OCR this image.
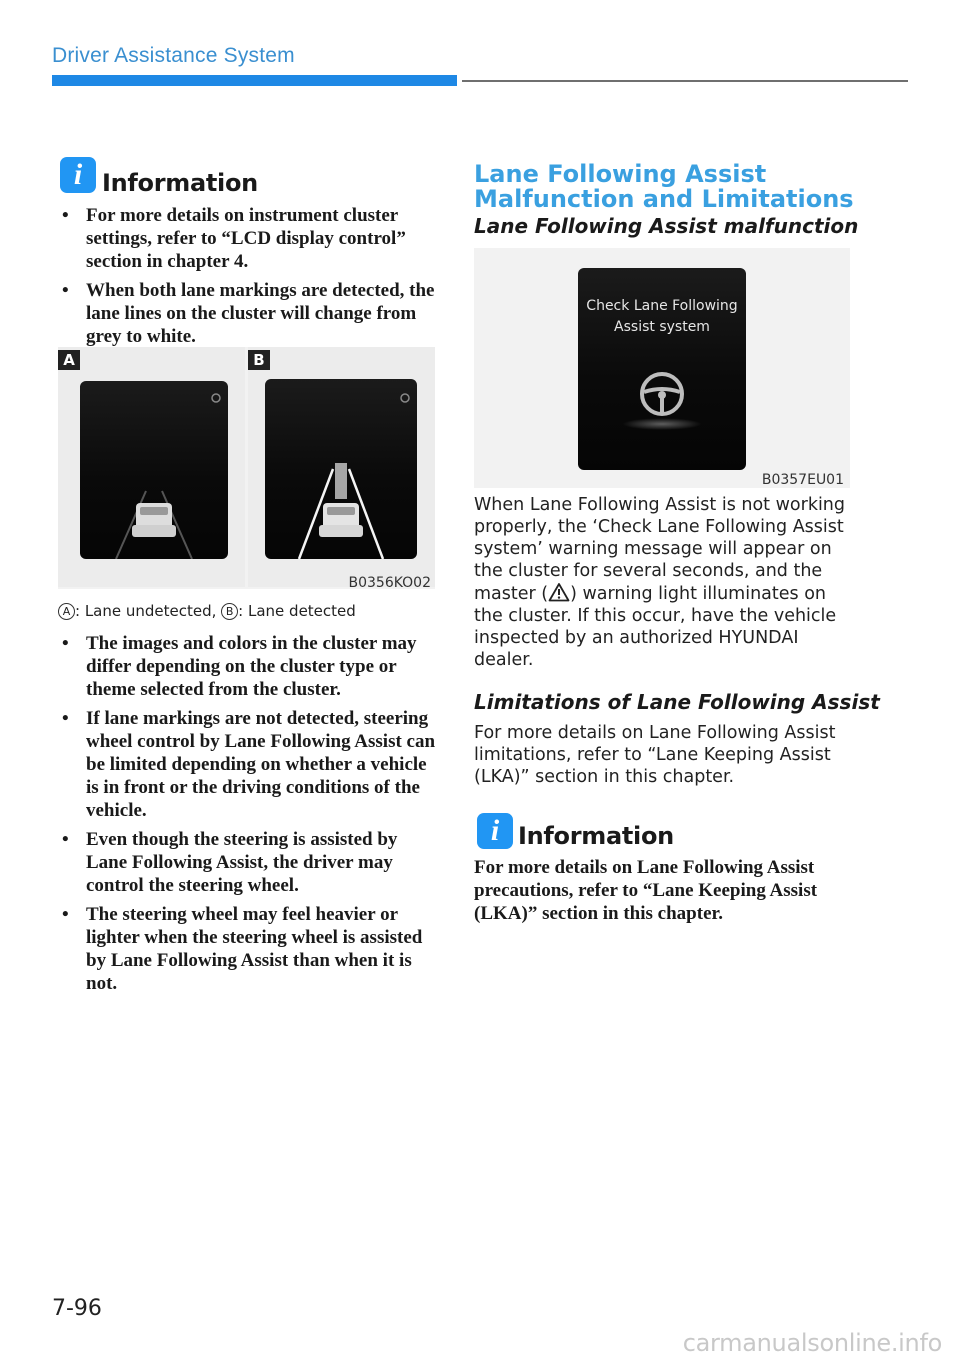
Driver Assistance System
i Information
• For more details on instrument cluster settings, refer to “LCD display control” section in chapter 4.
• When both lane markings are detected, the lane lines on the cluster will change from grey to white.
A	B
B0356KO02
A : Lane undetected, B : Lane detected
• The images and colors in the cluster may differ depending on the cluster type or theme selected from the cluster.
• If lane markings are not detected, steering wheel control by Lane Following Assist can be limited depending on whether a vehicle is in front or the driving conditions of the vehicle.
• Even though the steering is assisted by Lane Following Assist, the driver may control the steering wheel.
• The steering wheel may feel heavier or lighter when the steering wheel is assisted by Lane Following Assist than when it is not.
Lane Following Assist
Malfunction and Limitations
Lane Following Assist malfunction
Check Lane Following
Assist system
B0357EU01
When Lane Following Assist is not working properly, the ‘Check Lane Following Assist system’ warning message will appear on the cluster for several seconds, and the master ( ) warning light illuminates on the cluster. If this occur, have the vehicle inspected by an authorized HYUNDAI dealer.
Limitations of Lane Following Assist
For more details on Lane Following Assist limitations, refer to “Lane Keeping Assist (LKA)” section in this chapter.
i Information
For more details on Lane Following Assist precautions, refer to “Lane Keeping Assist (LKA)” section in this chapter.
7-96
carmanualsonline.info
